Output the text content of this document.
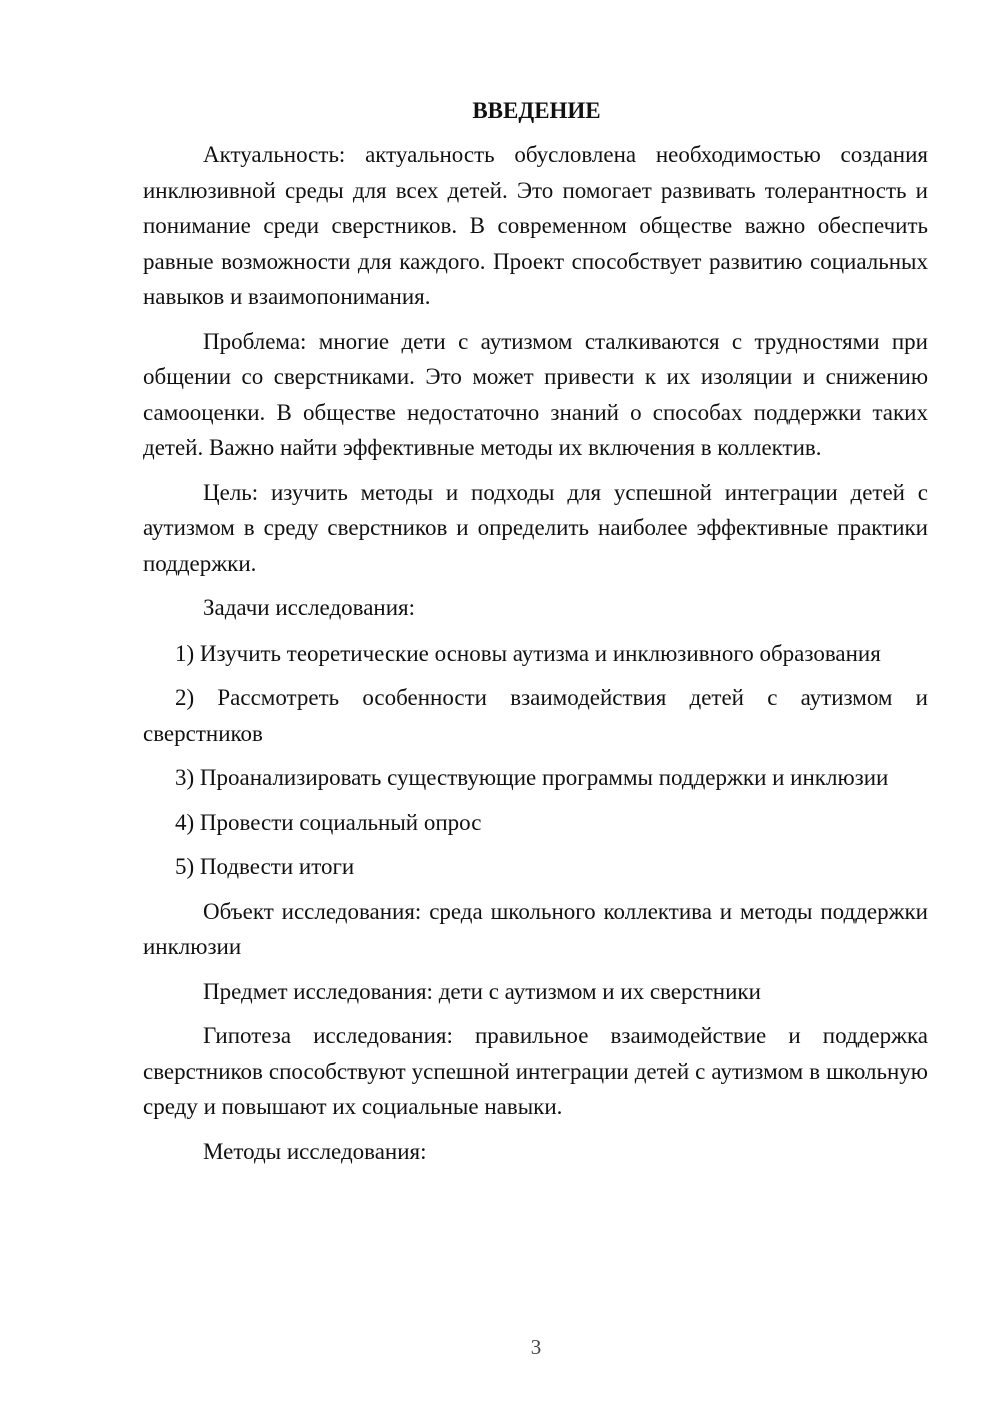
ВВЕДЕНИЕ

Актуальность: актуальность обусловлена необходимостью создания инклюзивной среды для всех детей. Это помогает развивать толерантность и понимание среди сверстников. В современном обществе важно обеспечить равные возможности для каждого. Проект способствует развитию социальных навыков и взаимопонимания.

Проблема: многие дети с аутизмом сталкиваются с трудностями при общении со сверстниками. Это может привести к их изоляции и снижению самооценки. В обществе недостаточно знаний о способах поддержки таких детей. Важно найти эффективные методы их включения в коллектив.

Цель: изучить методы и подходы для успешной интеграции детей с аутизмом в среду сверстников и определить наиболее эффективные практики поддержки.

Задачи исследования:

1) Изучить теоретические основы аутизма и инклюзивного образования

2) Рассмотреть особенности взаимодействия детей с аутизмом и сверстников

3) Проанализировать существующие программы поддержки и инклюзии

4) Провести социальный опрос

5) Подвести итоги

Объект исследования: среда школьного коллектива и методы поддержки инклюзии

Предмет исследования: дети с аутизмом и их сверстники

Гипотеза исследования: правильное взаимодействие и поддержка сверстников способствуют успешной интеграции детей с аутизмом в школьную среду и повышают их социальные навыки.

Методы исследования:

3
